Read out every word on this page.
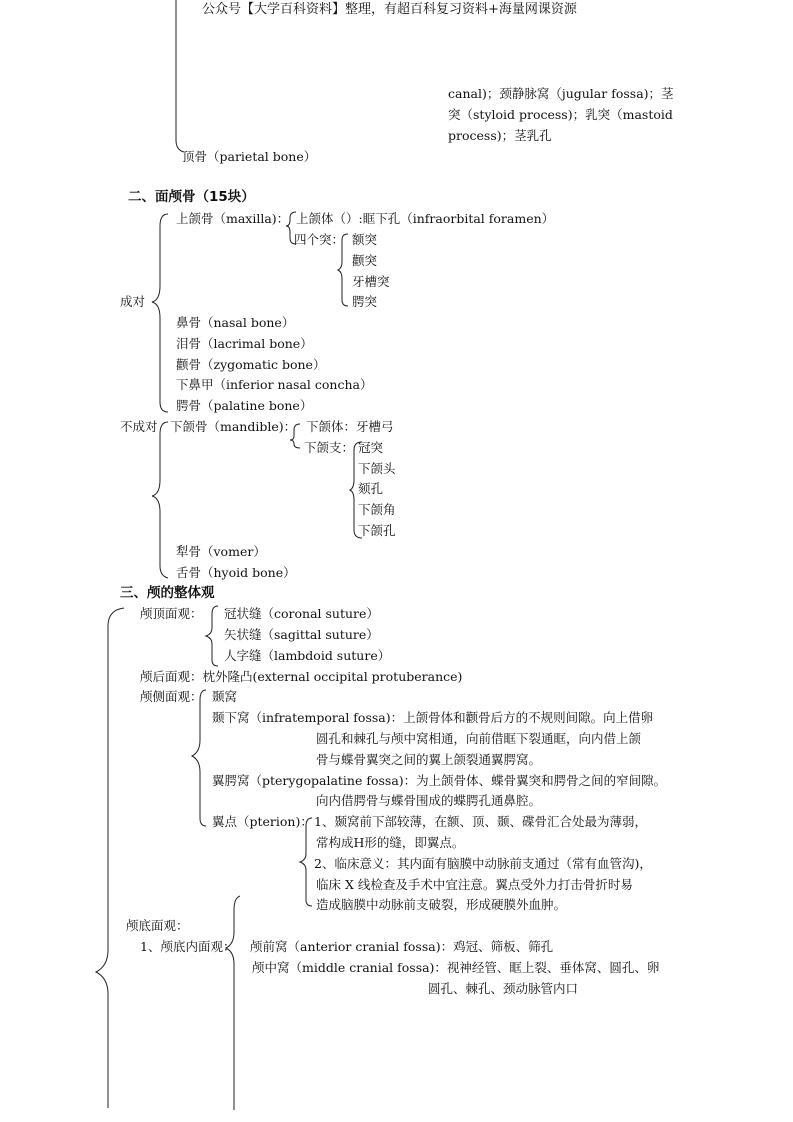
公众号【大学百科资料】整理，有超百科复习资料+海量网课资源
canal)；颈静脉窝（jugular fossa)；茎
突（styloid process)；乳突（mastoid
process)；茎乳孔
顶骨（parietal bone）
二、面颅骨（15块）
上颌骨（maxilla)： 上颌体（）:眶下孔（infraorbital foramen）
四个突： 额突
颧突
牙槽突
腭突
成对
鼻骨（nasal bone）
泪骨（lacrimal bone）
颧骨（zygomatic bone）
下鼻甲（inferior nasal concha）
腭骨（palatine bone）
不成对 下颌骨（mandible)： 下颌体：牙槽弓
下颌支： 冠突
下颌头
颏孔
下颌角
下颌孔
犁骨（vomer）
舌骨（hyoid bone）
三、颅的整体观
颅顶面观： 冠状缝（coronal suture）
矢状缝（sagittal suture）
人字缝（lambdoid suture）
颅后面观：枕外隆凸(external occipital protuberance)
颅侧面观： 颞窝
颞下窝（infratemporal fossa)：上颌骨体和颧骨后方的不规则间隙。向上借卵
圆孔和棘孔与颅中窝相通，向前借眶下裂通眶，向内借上颌
骨与蝶骨翼突之间的翼上颌裂通翼腭窝。
翼腭窝（pterygopalatine fossa)：为上颌骨体、蝶骨翼突和腭骨之间的窄间隙。
向内借腭骨与蝶骨围成的蝶腭孔通鼻腔。
翼点（pterion)： 1、颞窝前下部较薄，在额、顶、颞、碟骨汇合处最为薄弱，
常构成H形的缝，即翼点。
2、临床意义：其内面有脑膜中动脉前支通过（常有血管沟)，
临床 X 线检查及手术中宜注意。翼点受外力打击骨折时易
造成脑膜中动脉前支破裂，形成硬膜外血肿。
颅底面观：
1、颅底内面观： 颅前窝（anterior cranial fossa)：鸡冠、筛板、筛孔
颅中窝（middle cranial fossa)：视神经管、眶上裂、垂体窝、圆孔、卵
圆孔、棘孔、颈动脉管内口
